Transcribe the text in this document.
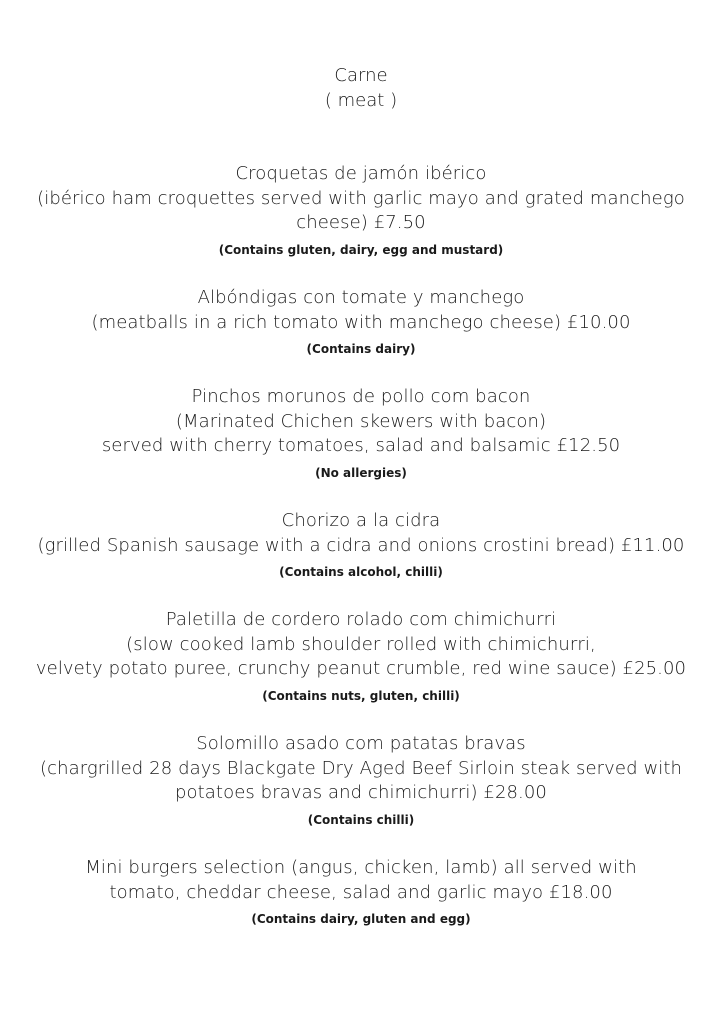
Carne
( meat )
Croquetas de jamón ibérico
(ibérico ham croquettes served with garlic mayo and grated manchego
cheese) £7.50
(Contains gluten, dairy, egg and mustard)
Albóndigas con tomate y manchego
(meatballs in a rich tomato with manchego cheese) £10.00
(Contains dairy)
Pinchos morunos de pollo com bacon
(Marinated Chichen skewers with bacon)
served with cherry tomatoes, salad and balsamic £12.50
(No allergies)
Chorizo a la cidra
(grilled Spanish sausage with a cidra and onions crostini bread) £11.00
(Contains alcohol, chilli)
Paletilla de cordero rolado com chimichurri
(slow cooked lamb shoulder rolled with chimichurri,
velvety potato puree, crunchy peanut crumble, red wine sauce) £25.00
(Contains nuts, gluten, chilli)
Solomillo asado com patatas bravas
(chargrilled 28 days Blackgate Dry Aged Beef Sirloin steak served with
potatoes bravas and chimichurri) £28.00
(Contains chilli)
Mini burgers selection (angus, chicken, lamb) all served with
tomato, cheddar cheese, salad and garlic mayo £18.00
(Contains dairy, gluten and egg)
